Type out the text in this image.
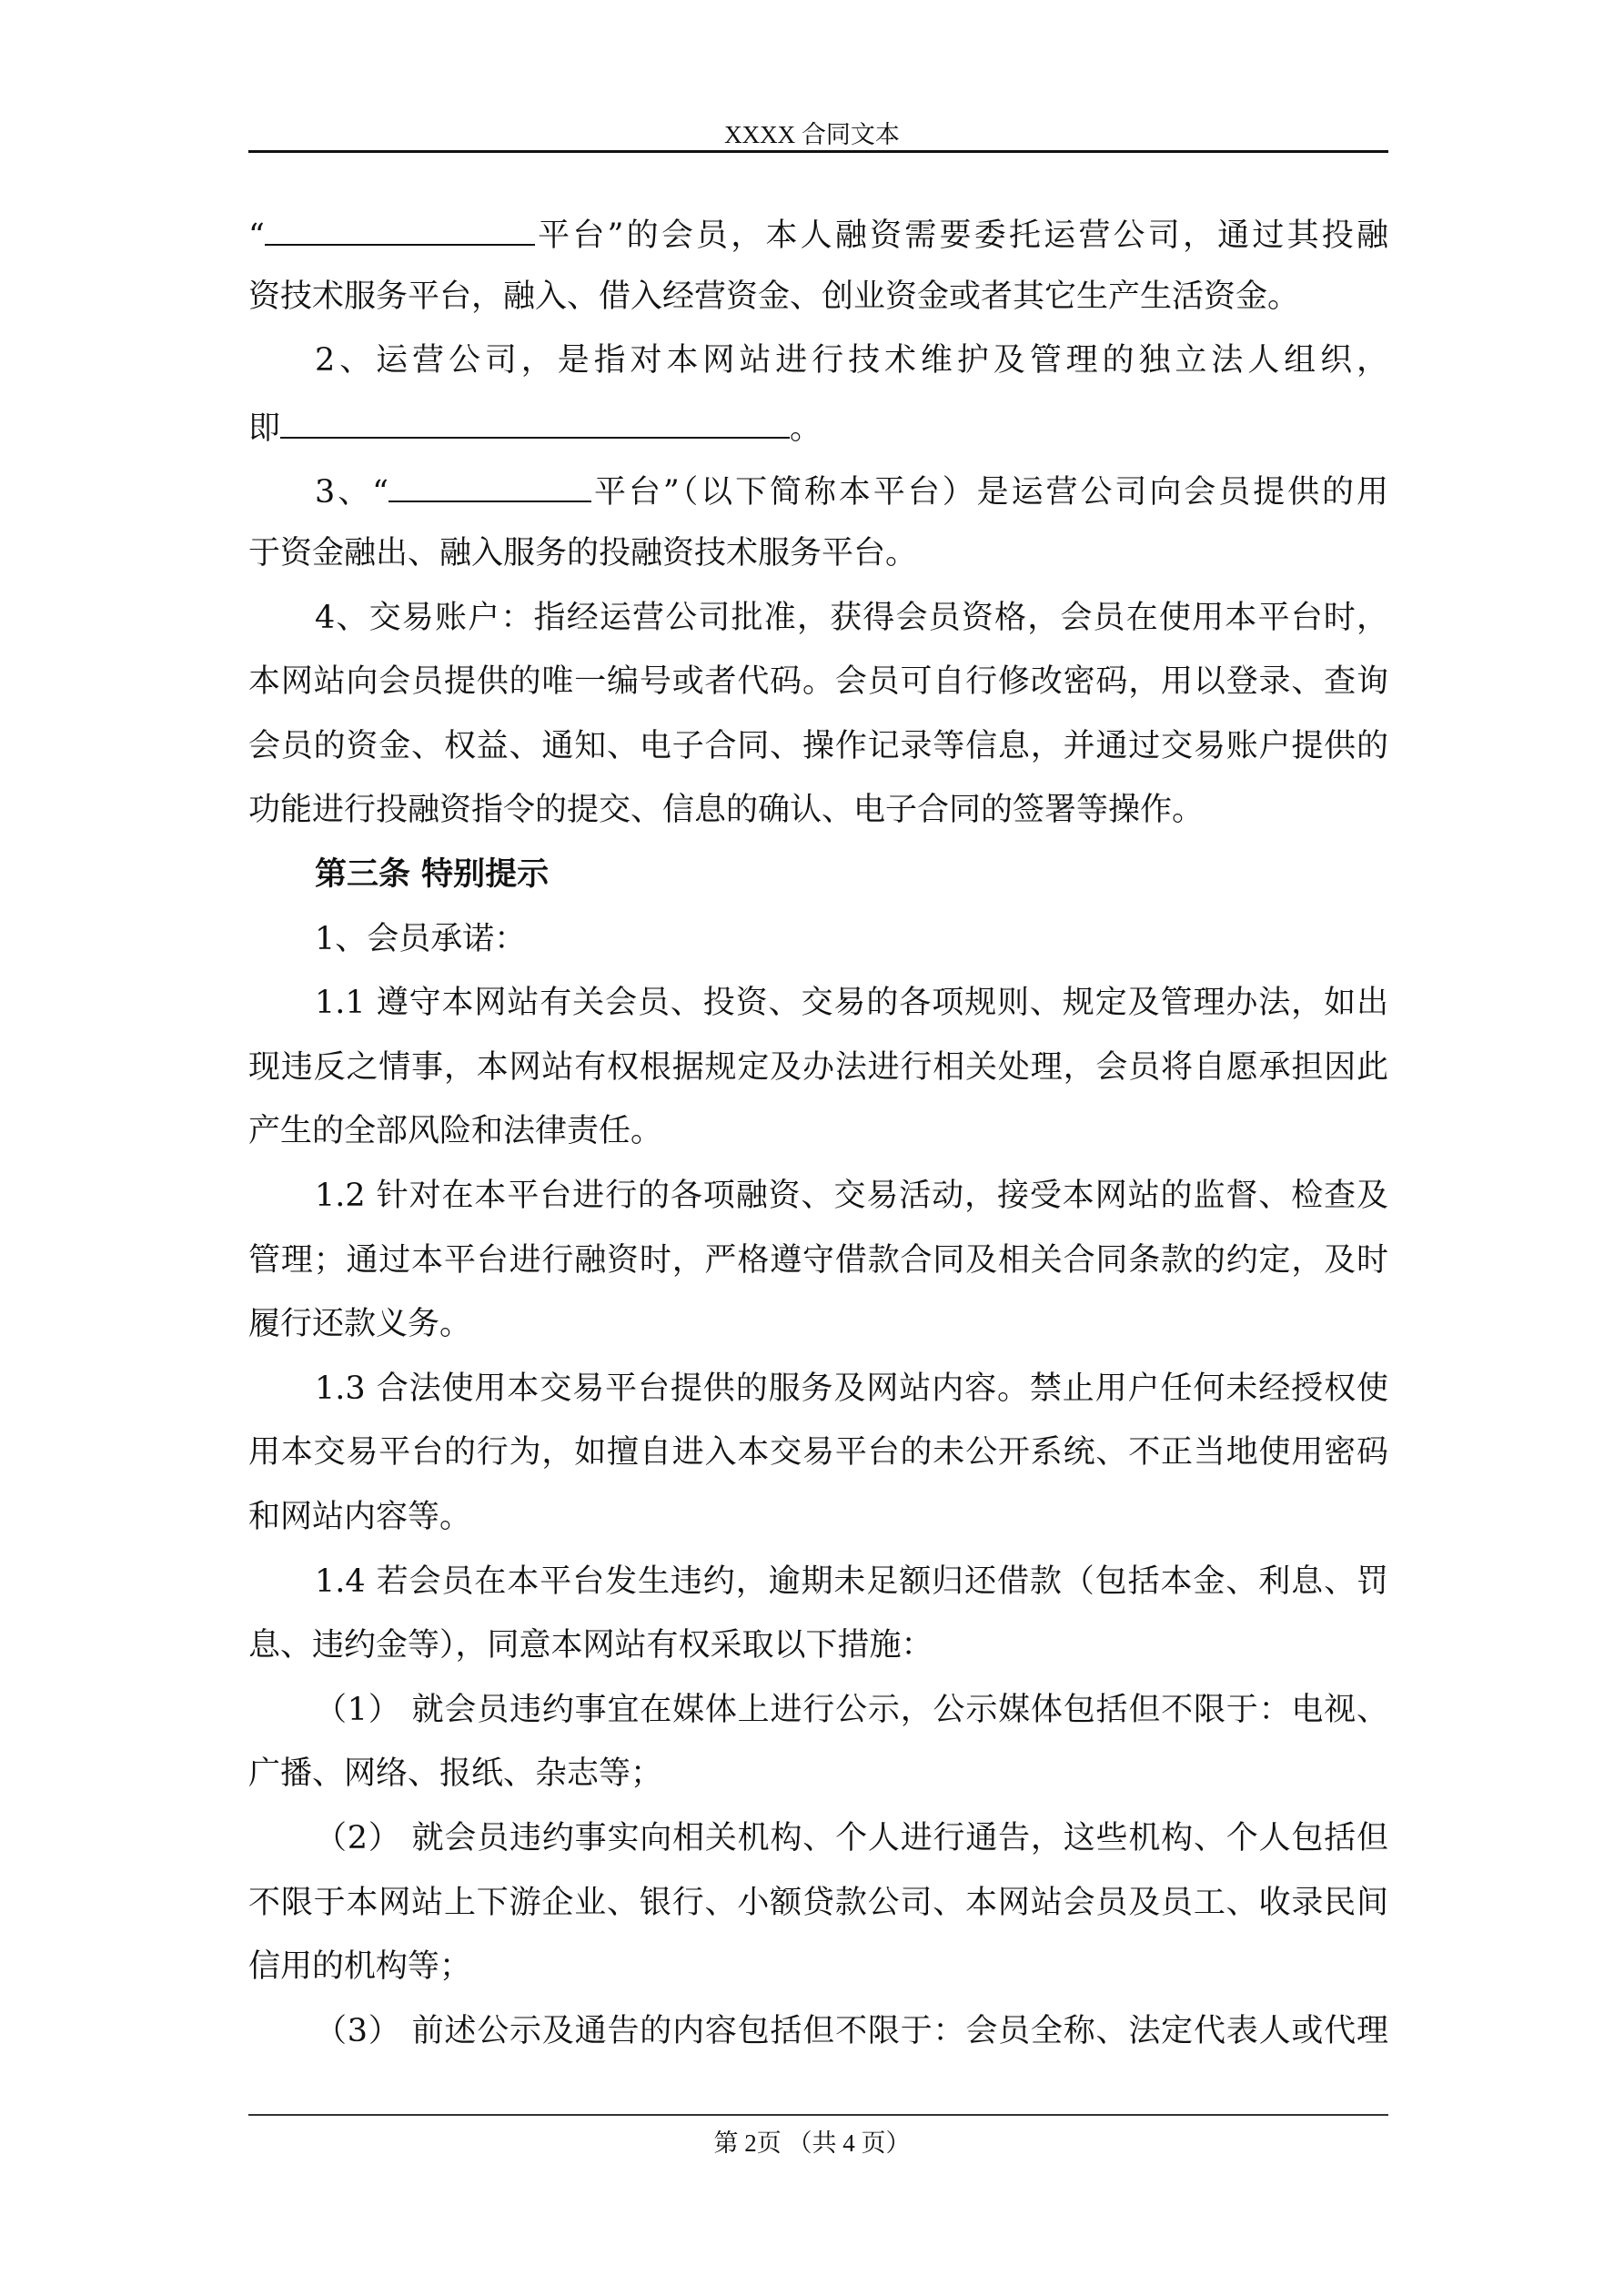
XXXX 合同文本
“	平台”的会员，本人融资需要委托运营公司，通过其投融
资技术服务平台，融入、借入经营资金、创业资金或者其它生产生活资金。
2、运营公司，是指对本网站进行技术维护及管理的独立法人组织，
即	。
3、“	平台”（以下简称本平台）是运营公司向会员提供的用
于资金融出、融入服务的投融资技术服务平台。
4、交易账户：指经运营公司批准，获得会员资格，会员在使用本平台时，
本网站向会员提供的唯一编号或者代码。会员可自行修改密码，用以登录、查询
会员的资金、权益、通知、电子合同、操作记录等信息，并通过交易账户提供的
功能进行投融资指令的提交、信息的确认、电子合同的签署等操作。
第三条 特别提示
1、会员承诺：
1.1 遵守本网站有关会员、投资、交易的各项规则、规定及管理办法，如出
现违反之情事，本网站有权根据规定及办法进行相关处理，会员将自愿承担因此
产生的全部风险和法律责任。
1.2 针对在本平台进行的各项融资、交易活动，接受本网站的监督、检查及
管理；通过本平台进行融资时，严格遵守借款合同及相关合同条款的约定，及时
履行还款义务。
1.3 合法使用本交易平台提供的服务及网站内容。禁止用户任何未经授权使
用本交易平台的行为，如擅自进入本交易平台的未公开系统、不正当地使用密码
和网站内容等。
1.4 若会员在本平台发生违约，逾期未足额归还借款（包括本金、利息、罚
息、违约金等），同意本网站有权采取以下措施：
（1） 就会员违约事宜在媒体上进行公示，公示媒体包括但不限于：电视、
广播、网络、报纸、杂志等；
（2） 就会员违约事实向相关机构、个人进行通告，这些机构、个人包括但
不限于本网站上下游企业、银行、小额贷款公司、本网站会员及员工、收录民间
信用的机构等；
（3） 前述公示及通告的内容包括但不限于：会员全称、法定代表人或代理
第 2页 （共 4 页）
